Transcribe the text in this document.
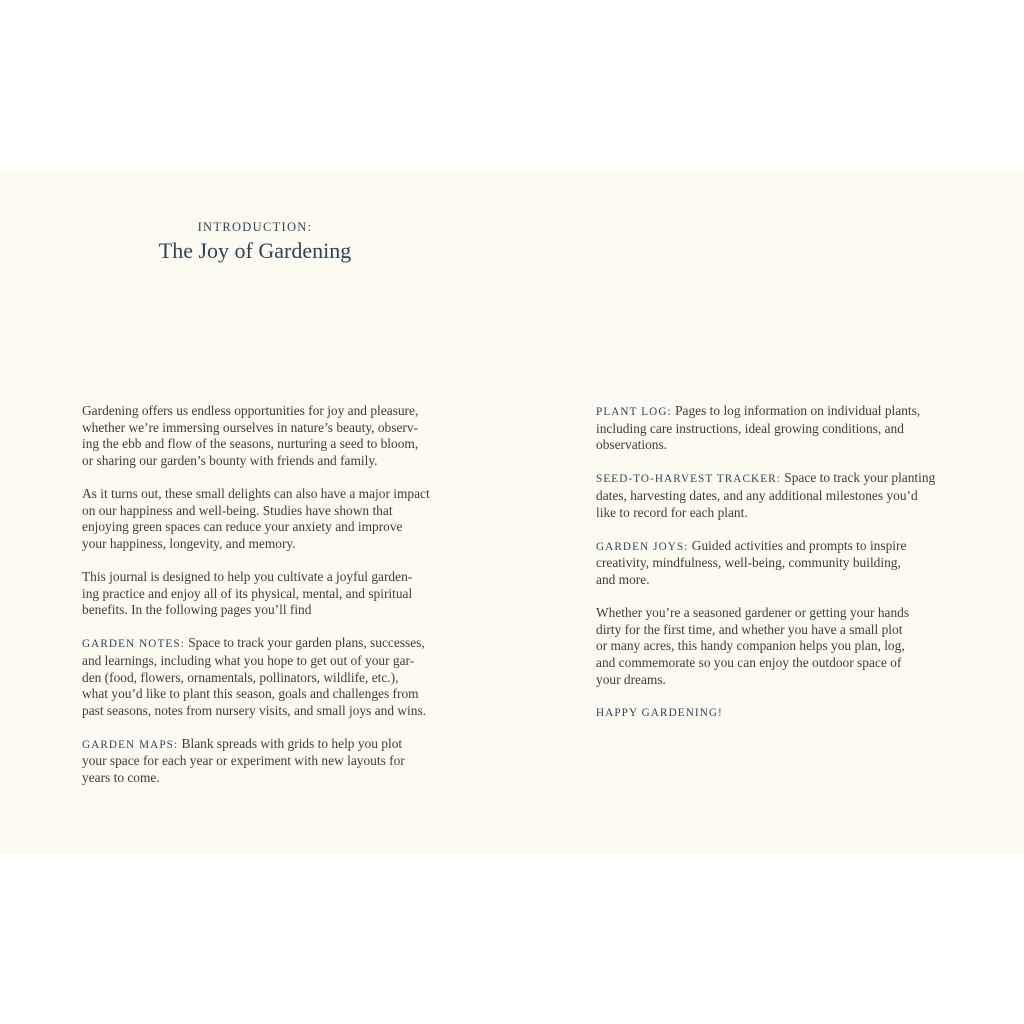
INTRODUCTION:
The Joy of Gardening

Gardening offers us endless opportunities for joy and pleasure,
whether we’re immersing ourselves in nature’s beauty, observ-
ing the ebb and flow of the seasons, nurturing a seed to bloom,
or sharing our garden’s bounty with friends and family.

As it turns out, these small delights can also have a major impact
on our happiness and well-being. Studies have shown that
enjoying green spaces can reduce your anxiety and improve
your happiness, longevity, and memory.

This journal is designed to help you cultivate a joyful garden-
ing practice and enjoy all of its physical, mental, and spiritual
benefits. In the following pages you’ll find

GARDEN NOTES: Space to track your garden plans, successes,
and learnings, including what you hope to get out of your gar-
den (food, flowers, ornamentals, pollinators, wildlife, etc.),
what you’d like to plant this season, goals and challenges from
past seasons, notes from nursery visits, and small joys and wins.

GARDEN MAPS: Blank spreads with grids to help you plot
your space for each year or experiment with new layouts for
years to come.

PLANT LOG: Pages to log information on individual plants,
including care instructions, ideal growing conditions, and
observations.

SEED-TO-HARVEST TRACKER: Space to track your planting
dates, harvesting dates, and any additional milestones you’d
like to record for each plant.

GARDEN JOYS: Guided activities and prompts to inspire
creativity, mindfulness, well-being, community building,
and more.

Whether you’re a seasoned gardener or getting your hands
dirty for the first time, and whether you have a small plot
or many acres, this handy companion helps you plan, log,
and commemorate so you can enjoy the outdoor space of
your dreams.

HAPPY GARDENING!
